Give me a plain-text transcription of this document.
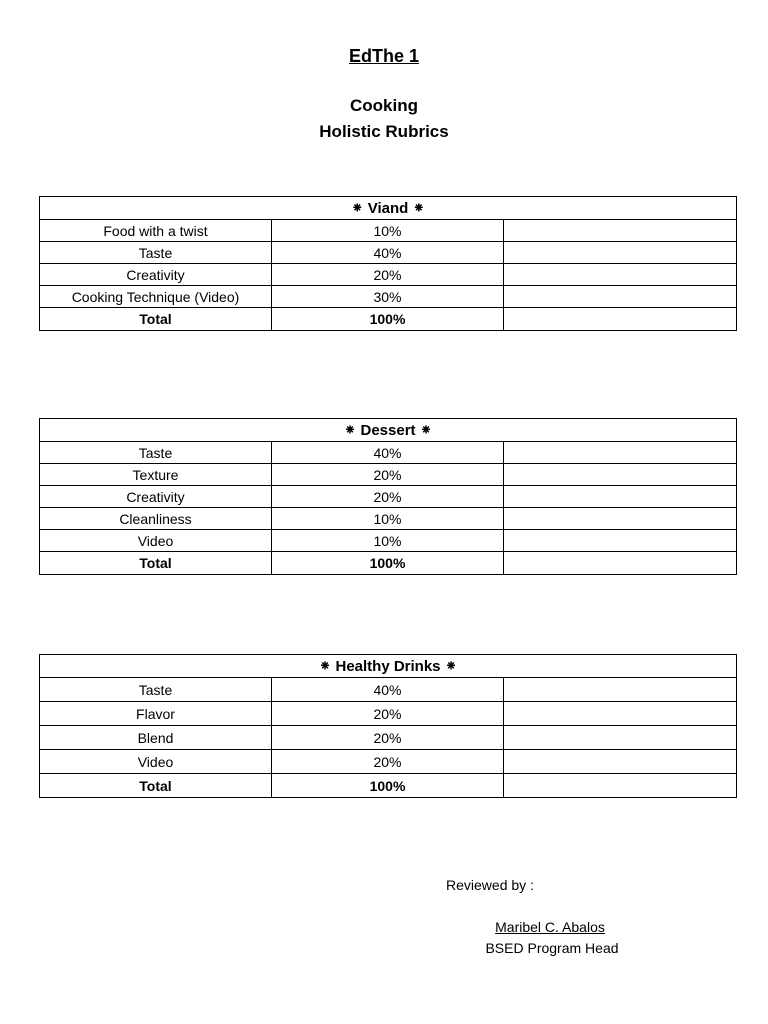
EdThe 1
Cooking
Holistic Rubrics
⁕ Viand ⁕		
Food with a twist	10%	
Taste	40%	
Creativity	20%	
Cooking Technique (Video)	30%	
Total	100%	
⁕ Dessert ⁕		
Taste	40%	
Texture	20%	
Creativity	20%	
Cleanliness	10%	
Video	10%	
Total	100%	
⁕ Healthy Drinks ⁕		
Taste	40%	
Flavor	20%	
Blend	20%	
Video	20%	
Total	100%	
Reviewed by :
Maribel C. Abalos
BSED Program Head
